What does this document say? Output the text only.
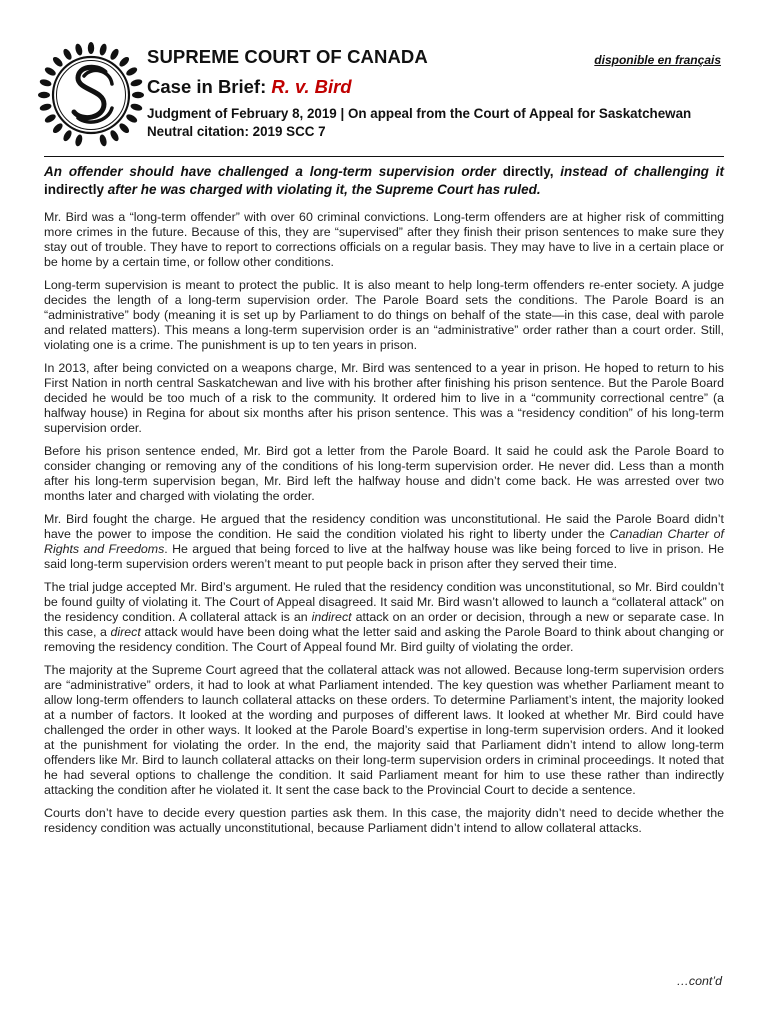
SUPREME COURT OF CANADA	disponible en français
Case in Brief: R. v. Bird
Judgment of February 8, 2019 | On appeal from the Court of Appeal for Saskatchewan
Neutral citation: 2019 SCC 7
An offender should have challenged a long-term supervision order directly, instead of challenging it indirectly after he was charged with violating it, the Supreme Court has ruled.

Mr. Bird was a “long-term offender” with over 60 criminal convictions. Long-term offenders are at higher risk of committing more crimes in the future. Because of this, they are “supervised” after they finish their prison sentences to make sure they stay out of trouble. They have to report to corrections officials on a regular basis. They may have to live in a certain place or be home by a certain time, or follow other conditions.

Long-term supervision is meant to protect the public. It is also meant to help long-term offenders re-enter society. A judge decides the length of a long-term supervision order. The Parole Board sets the conditions. The Parole Board is an “administrative” body (meaning it is set up by Parliament to do things on behalf of the state—in this case, deal with parole and related matters). This means a long-term supervision order is an “administrative” order rather than a court order. Still, violating one is a crime. The punishment is up to ten years in prison.

In 2013, after being convicted on a weapons charge, Mr. Bird was sentenced to a year in prison. He hoped to return to his First Nation in north central Saskatchewan and live with his brother after finishing his prison sentence. But the Parole Board decided he would be too much of a risk to the community. It ordered him to live in a “community correctional centre” (a halfway house) in Regina for about six months after his prison sentence. This was a “residency condition” of his long-term supervision order.

Before his prison sentence ended, Mr. Bird got a letter from the Parole Board. It said he could ask the Parole Board to consider changing or removing any of the conditions of his long-term supervision order. He never did. Less than a month after his long-term supervision began, Mr. Bird left the halfway house and didn’t come back. He was arrested over two months later and charged with violating the order.

Mr. Bird fought the charge. He argued that the residency condition was unconstitutional. He said the Parole Board didn’t have the power to impose the condition. He said the condition violated his right to liberty under the Canadian Charter of Rights and Freedoms. He argued that being forced to live at the halfway house was like being forced to live in prison. He said long-term supervision orders weren’t meant to put people back in prison after they served their time.

The trial judge accepted Mr. Bird’s argument. He ruled that the residency condition was unconstitutional, so Mr. Bird couldn’t be found guilty of violating it. The Court of Appeal disagreed. It said Mr. Bird wasn’t allowed to launch a “collateral attack” on the residency condition. A collateral attack is an indirect attack on an order or decision, through a new or separate case. In this case, a direct attack would have been doing what the letter said and asking the Parole Board to think about changing or removing the residency condition. The Court of Appeal found Mr. Bird guilty of violating the order.

The majority at the Supreme Court agreed that the collateral attack was not allowed. Because long-term supervision orders are “administrative” orders, it had to look at what Parliament intended. The key question was whether Parliament meant to allow long-term offenders to launch collateral attacks on these orders. To determine Parliament’s intent, the majority looked at a number of factors. It looked at the wording and purposes of different laws. It looked at whether Mr. Bird could have challenged the order in other ways. It looked at the Parole Board’s expertise in long-term supervision orders. And it looked at the punishment for violating the order. In the end, the majority said that Parliament didn’t intend to allow long-term offenders like Mr. Bird to launch collateral attacks on their long-term supervision orders in criminal proceedings. It noted that he had several options to challenge the condition. It said Parliament meant for him to use these rather than indirectly attacking the condition after he violated it. It sent the case back to the Provincial Court to decide a sentence.

Courts don’t have to decide every question parties ask them. In this case, the majority didn’t need to decide whether the residency condition was actually unconstitutional, because Parliament didn’t intend to allow collateral attacks.

…cont’d
